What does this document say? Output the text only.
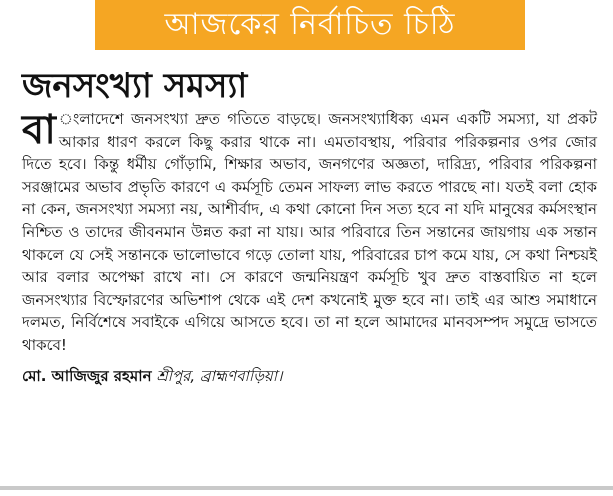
আজকের নির্বাচিত চিঠি
জনসংখ্যা সমস্যা

বা ংলাদেশে জনসংখ্যা দ্রুত গতিতে বাড়ছে। জনসংখ্যাধিক্য এমন একটি সমস্যা, যা প্রকট আকার ধারণ করলে কিছু করার থাকে না। এমতাবস্থায়, পরিবার পরিকল্পনার ওপর জোর দিতে হবে। কিন্তু ধর্মীয় গোঁড়ামি, শিক্ষার অভাব, জনগণের অজ্ঞতা, দারিদ্র্য, পরিবার পরিকল্পনা সরঞ্জামের অভাব প্রভৃতি কারণে এ কর্মসূচি তেমন সাফল্য লাভ করতে পারছে না। যতই বলা হোক না কেন, জনসংখ্যা সমস্যা নয়, আশীর্বাদ, এ কথা কোনো দিন সত্য হবে না যদি মানুষের কর্মসংস্থান নিশ্চিত ও তাদের জীবনমান উন্নত করা না যায়। আর পরিবারে তিন সন্তানের জায়গায় এক সন্তান থাকলে যে সেই সন্তানকে ভালোভাবে গড়ে তোলা যায়, পরিবারের চাপ কমে যায়, সে কথা নিশ্চয়ই আর বলার অপেক্ষা রাখে না। সে কারণে জন্মনিয়ন্ত্রণ কর্মসূচি খুব দ্রুত বাস্তবায়িত না হলে জনসংখ্যার বিস্ফোরণের অভিশাপ থেকে এই দেশ কখনোই মুক্ত হবে না। তাই এর আশু সমাধানে দলমত, নির্বিশেষে সবাইকে এগিয়ে আসতে হবে। তা না হলে আমাদের মানবসম্পদ সমুদ্রে ভাসতে থাকবে!

মো. আজিজুর রহমান শ্রীপুর, ব্রাহ্মণবাড়িয়া।
